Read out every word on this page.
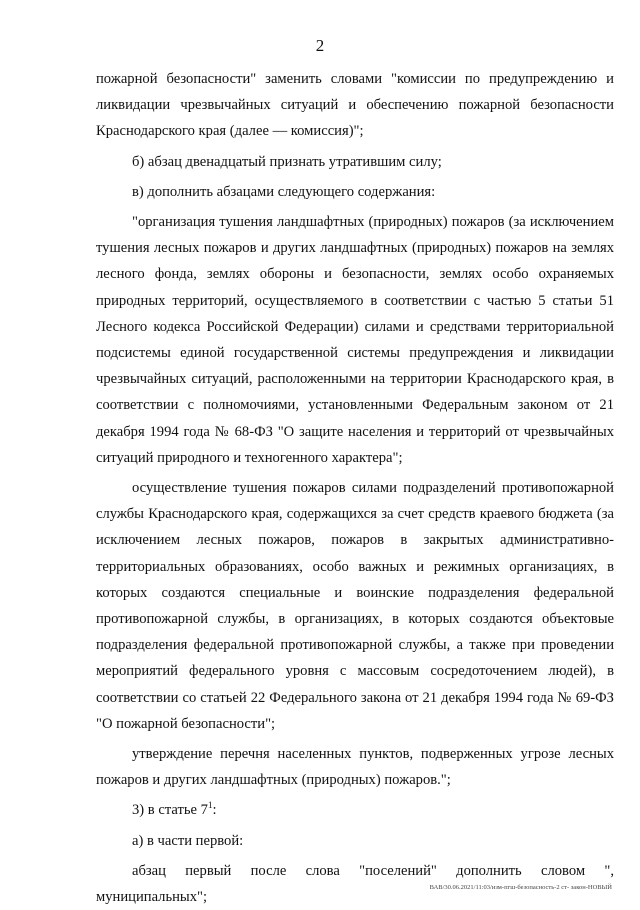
2

пожарной безопасности" заменить словами "комиссии по предупреждению и ликвидации чрезвычайных ситуаций и обеспечению пожарной безопасности Краснодарского края (далее — комиссия)";

б) абзац двенадцатый признать утратившим силу;

в) дополнить абзацами следующего содержания:

"организация тушения ландшафтных (природных) пожаров (за исключением тушения лесных пожаров и других ландшафтных (природных) пожаров на землях лесного фонда, землях обороны и безопасности, землях особо охраняемых природных территорий, осуществляемого в соответствии с частью 5 статьи 51 Лесного кодекса Российской Федерации) силами и средствами территориальной подсистемы единой государственной системы предупреждения и ликвидации чрезвычайных ситуаций, расположенными на территории Краснодарского края, в соответствии с полномочиями, установленными Федеральным законом от 21 декабря 1994 года № 68-ФЗ "О защите населения и территорий от чрезвычайных ситуаций природного и техногенного характера";

осуществление тушения пожаров силами подразделений противопожарной службы Краснодарского края, содержащихся за счет средств краевого бюджета (за исключением лесных пожаров, пожаров в закрытых административно-территориальных образованиях, особо важных и режимных организациях, в которых создаются специальные и воинские подразделения федеральной противопожарной службы, в организациях, в которых создаются объектовые подразделения федеральной противопожарной службы, а также при проведении мероприятий федерального уровня с массовым сосредоточением людей), в соответствии со статьей 22 Федерального закона от 21 декабря 1994 года № 69-ФЗ "О пожарной безопасности";

утверждение перечня населенных пунктов, подверженных угрозе лесных пожаров и других ландшафтных (природных) пожаров.";

3) в статье $7^1$:

а) в части первой:

абзац первый после слова "поселений" дополнить словом ", муниципальных";

ВАВ/30.06.2021/11:03/изм-пгш-безопасность-2 ст- закон-НОВЫЙ
